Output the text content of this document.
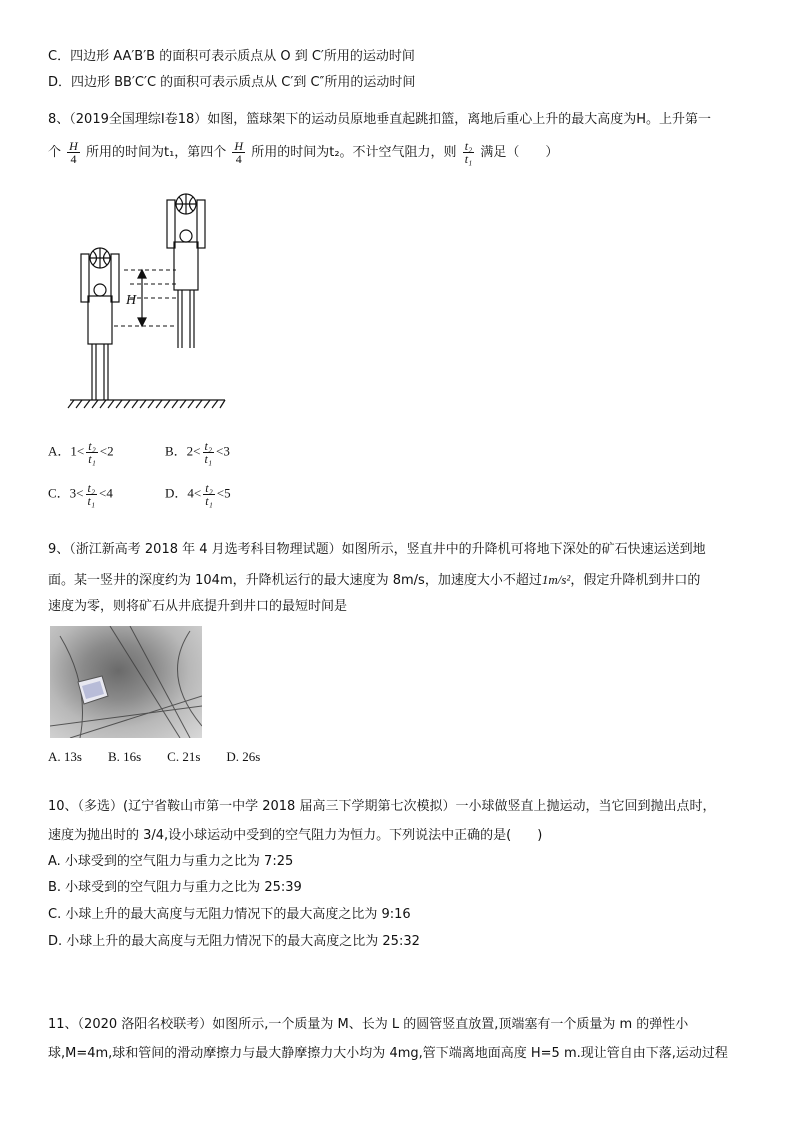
C．四边形 AA′B′B 的面积可表示质点从 O 到 C′所用的运动时间
D．四边形 BB′C′C 的面积可表示质点从 C′到 C″所用的运动时间
8、（2019全国理综Ⅰ卷18）如图，篮球架下的运动员原地垂直起跳扣篮，离地后重心上升的最大高度为H。上升第一
个 $\frac{H}{4}$ 所用的时间为t₁，第四个 $\frac{H}{4}$ 所用的时间为t₂。不计空气阻力，则 $\frac{\text{t₂}}{\text{t₁}}$ 满足（　　）
H
A．$1< \frac{\text{t₂}}{\text{t₁}} <2$	B．$2< \frac{\text{t₂}}{\text{t₁}} <3$
C．$3< \frac{\text{t₂}}{\text{t₁}} <4$	D．$4< \frac{\text{t₂}}{\text{t₁}} <5$
9、（浙江新高考 2018 年 4 月选考科目物理试题）如图所示，竖直井中的升降机可将地下深处的矿石快速运送到地
面。某一竖井的深度约为 104m，升降机运行的最大速度为 8m/s，加速度大小不超过1m/s²，假定升降机到井口的
速度为零，则将矿石从井底提升到井口的最短时间是
A. 13s　　B. 16s　　C. 21s　　D. 26s
10、（多选）(辽宁省鞍山市第一中学 2018 届高三下学期第七次模拟）一小球做竖直上抛运动，当它回到抛出点时，
速度为抛出时的 3/4,设小球运动中受到的空气阻力为恒力。下列说法中正确的是(　　)
A. 小球受到的空气阻力与重力之比为 7:25
B. 小球受到的空气阻力与重力之比为 25:39
C. 小球上升的最大高度与无阻力情况下的最大高度之比为 9:16
D. 小球上升的最大高度与无阻力情况下的最大高度之比为 25:32
11、（2020 洛阳名校联考）如图所示,一个质量为 M、长为 L 的圆管竖直放置,顶端塞有一个质量为 m 的弹性小
球,M=4m,球和管间的滑动摩擦力与最大静摩擦力大小均为 4mg,管下端离地面高度 H=5 m.现让管自由下落,运动过程
